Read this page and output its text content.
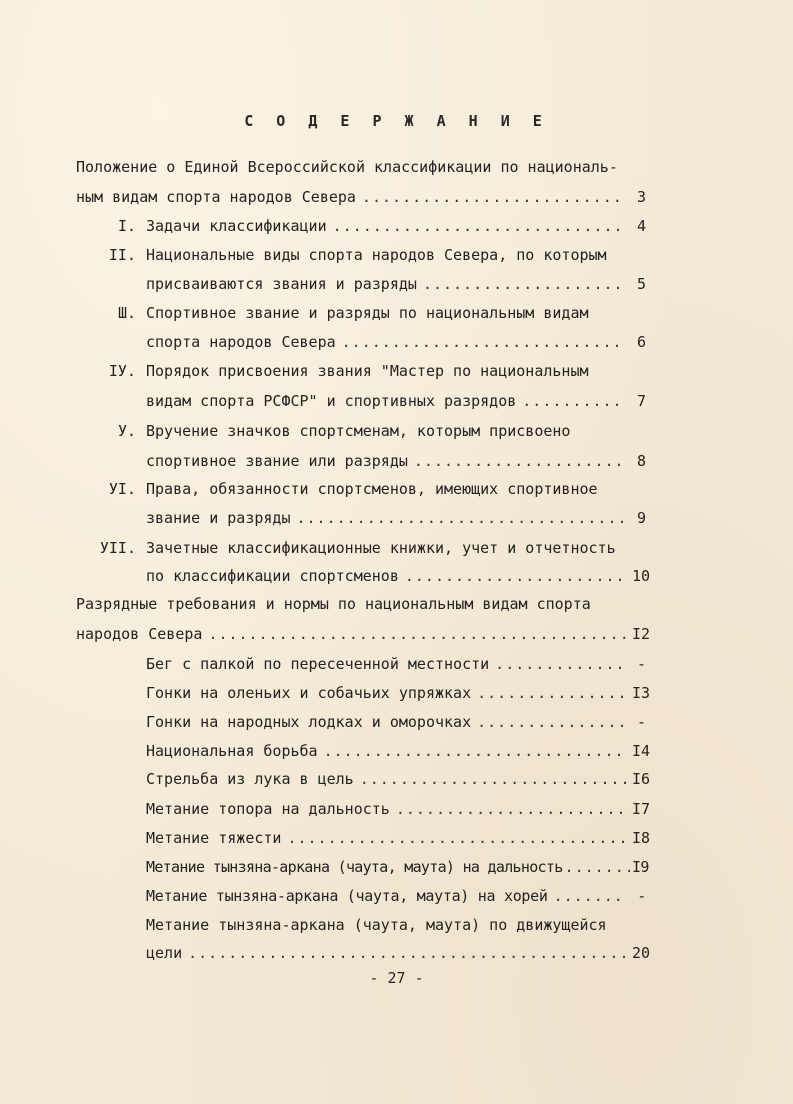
С О Д Е Р Ж А Н И Е
Положение о Единой Всероссийской классификации по националь-
ным видам спорта народов Севера .....	3
I. Задачи классификации .....	4
II. Национальные виды спорта народов Севера, по которым
присваиваются звания и разряды .....	5
Ш. Спортивное звание и разряды по национальным видам
спорта народов Севера .....	6
IУ. Порядок присвоения звания "Мастер по национальным
видам спорта РСФСР" и спортивных разрядов .....	7
У. Вручение значков спортсменам, которым присвоено
спортивное звание или разряды .....	8
УI. Права, обязанности спортсменов, имеющих спортивное
звание и разряды .....	9
УII. Зачетные классификационные книжки, учет и отчетность
по классификации спортсменов .....	10
Разрядные требования и нормы по национальным видам спорта
народов Севера .....	I2
Бег с палкой по пересеченной местности .....	-
Гонки на оленьих и собачьих упряжках .....	I3
Гонки на народных лодках и оморочках .....	-
Национальная борьба .....	I4
Стрельба из лука в цель .....	I6
Метание топора на дальность .....	I7
Метание тяжести .....	I8
Метание тынзяна-аркана (чаута, маута) на дальность .....	I9
Метание тынзяна-аркана (чаута, маута) на хорей .....	-
Метание тынзяна-аркана (чаута, маута) по движущейся
цели .....	20
- 27 -
